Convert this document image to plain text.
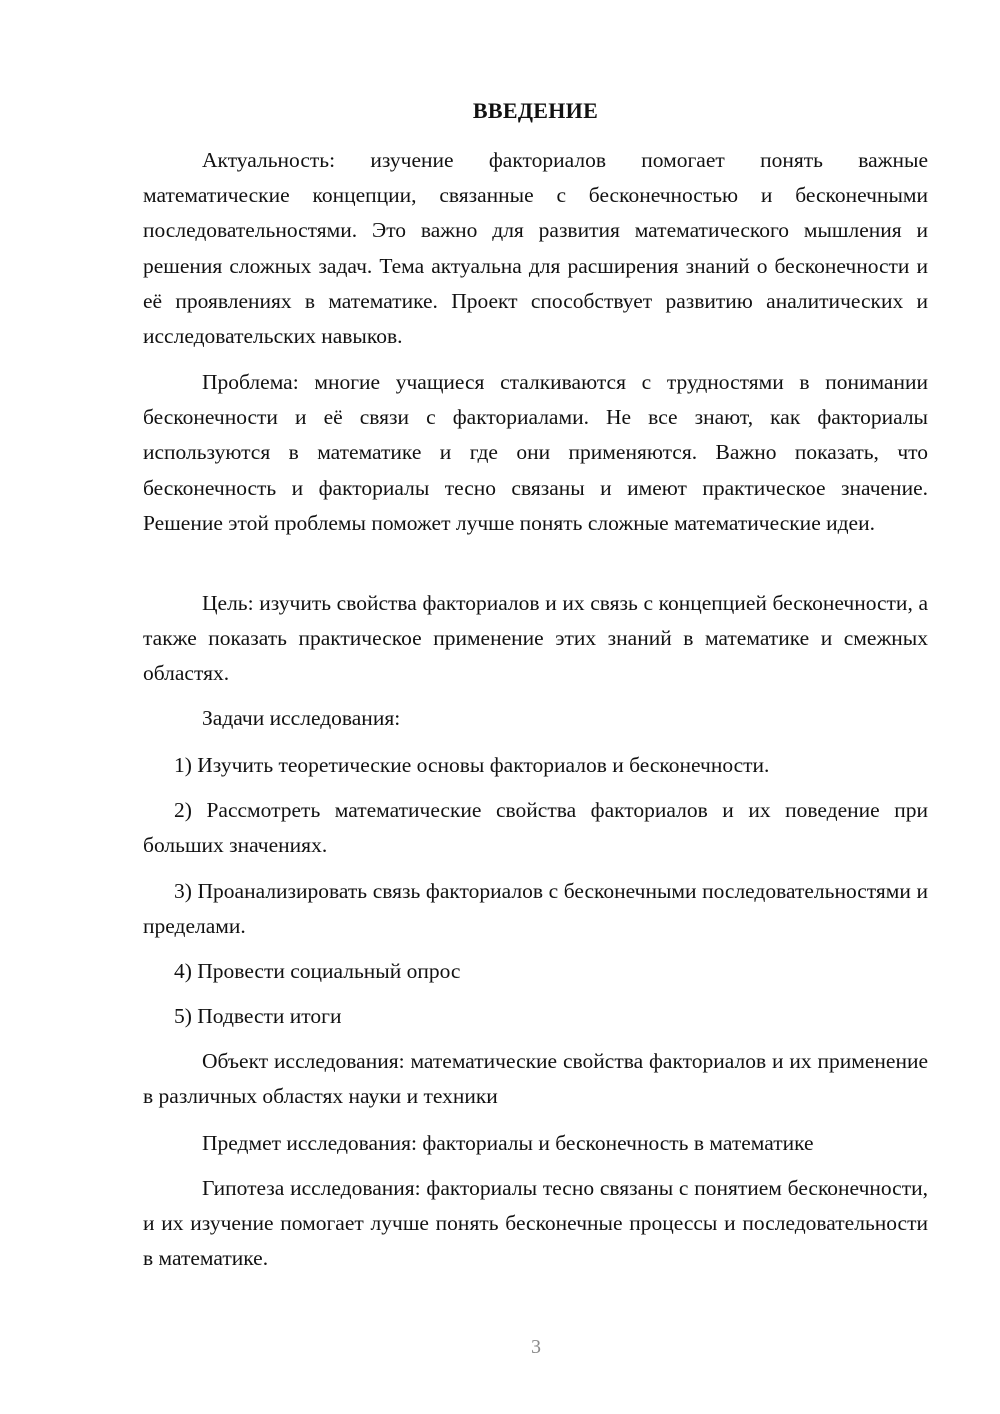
ВВЕДЕНИЕ

Актуальность: изучение факториалов помогает понять важные математические концепции, связанные с бесконечностью и бесконечными последовательностями. Это важно для развития математического мышления и решения сложных задач. Тема актуальна для расширения знаний о бесконечности и её проявлениях в математике. Проект способствует развитию аналитических и исследовательских навыков.

Проблема: многие учащиеся сталкиваются с трудностями в понимании бесконечности и её связи с факториалами. Не все знают, как факториалы используются в математике и где они применяются. Важно показать, что бесконечность и факториалы тесно связаны и имеют практическое значение. Решение этой проблемы поможет лучше понять сложные математические идеи.

Цель: изучить свойства факториалов и их связь с концепцией бесконечности, а также показать практическое применение этих знаний в математике и смежных областях.

Задачи исследования:

1) Изучить теоретические основы факториалов и бесконечности.

2) Рассмотреть математические свойства факториалов и их поведение при больших значениях.

3) Проанализировать связь факториалов с бесконечными последовательностями и пределами.

4) Провести социальный опрос

5) Подвести итоги

Объект исследования: математические свойства факториалов и их применение в различных областях науки и техники

Предмет исследования: факториалы и бесконечность в математике

Гипотеза исследования: факториалы тесно связаны с понятием бесконечности, и их изучение помогает лучше понять бесконечные процессы и последовательности в математике.

3
